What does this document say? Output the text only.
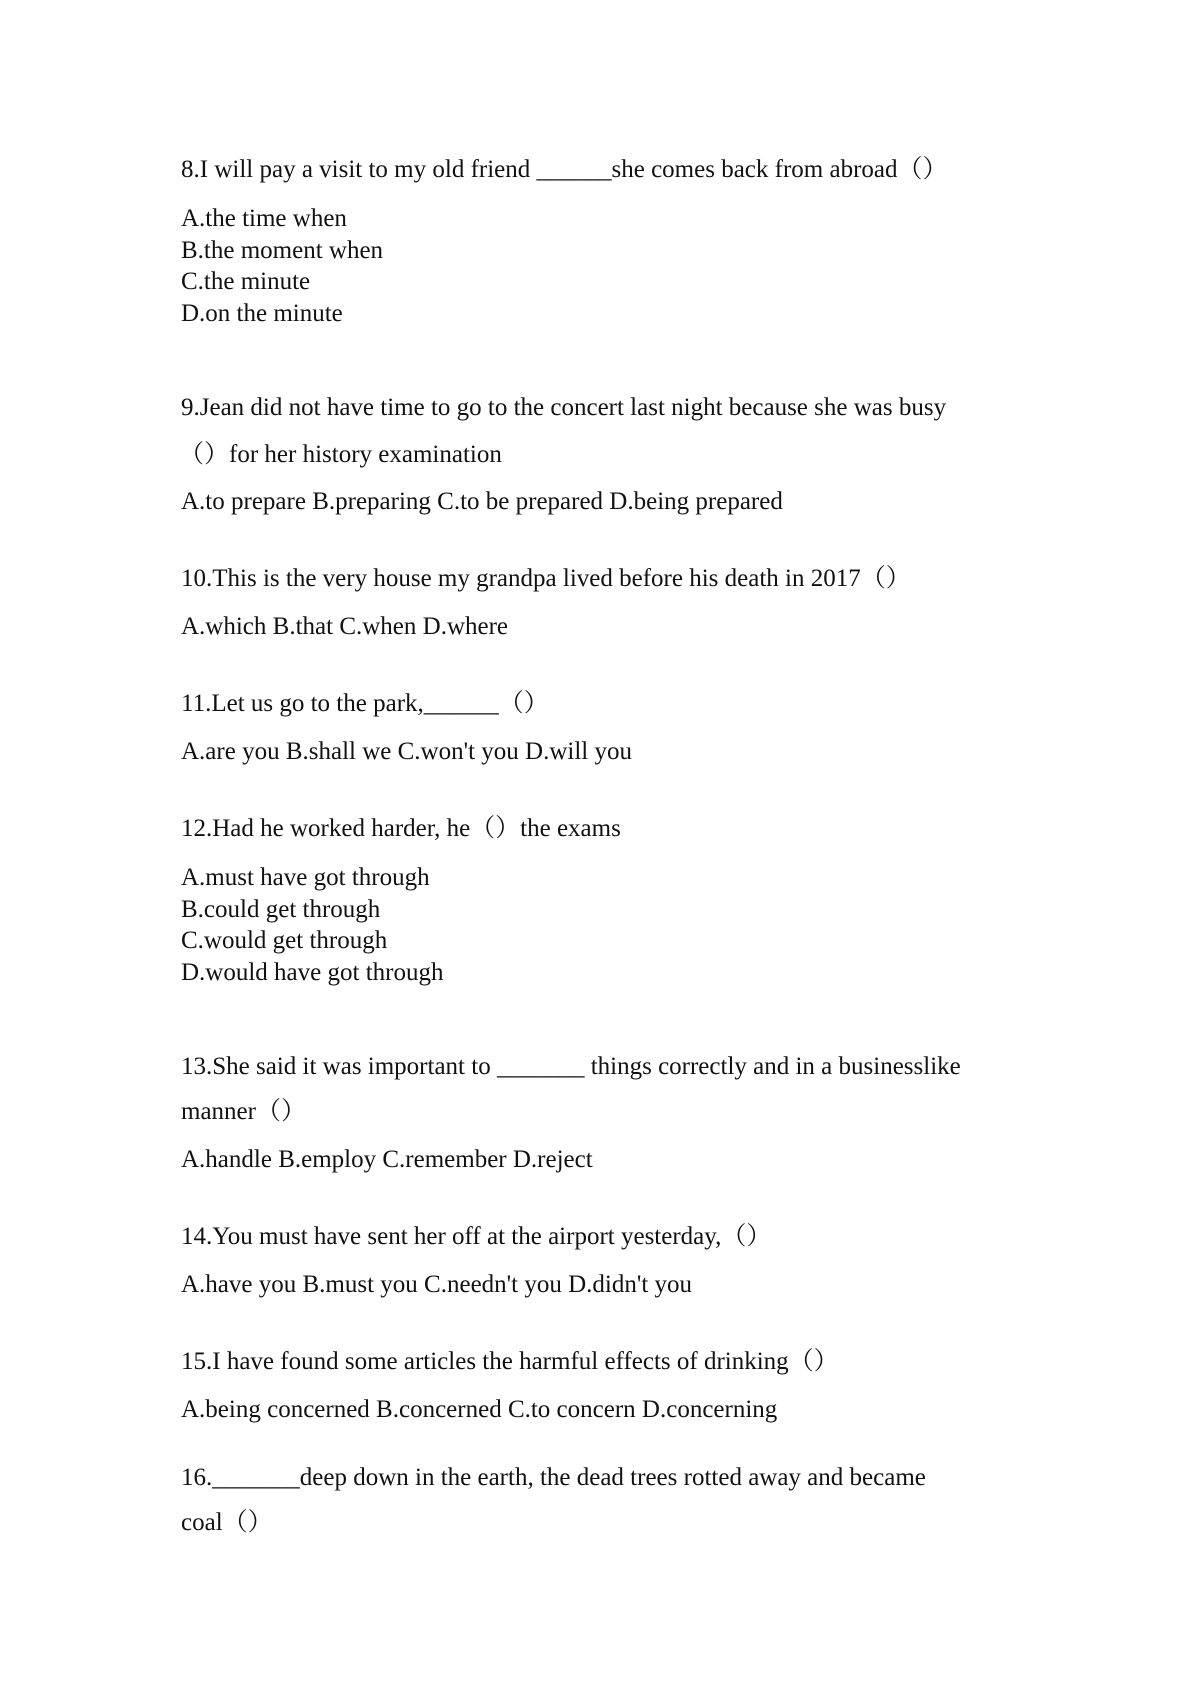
8.I will pay a visit to my old friend ______she comes back from abroad（）
A.the time when
B.the moment when
C.the minute
D.on the minute
9.Jean did not have time to go to the concert last night because she was busy
（）for her history examination
A.to prepare B.preparing C.to be prepared D.being prepared
10.This is the very house my grandpa lived before his death in 2017（）
A.which B.that C.when D.where
11.Let us go to the park,______（）
A.are you B.shall we C.won't you D.will you
12.Had he worked harder, he（）the exams
A.must have got through
B.could get through
C.would get through
D.would have got through
13.She said it was important to _______ things correctly and in a businesslike
manner（）
A.handle B.employ C.remember D.reject
14.You must have sent her off at the airport yesterday,（）
A.have you B.must you C.needn't you D.didn't you
15.I have found some articles the harmful effects of drinking（）
A.being concerned B.concerned C.to concern D.concerning
16._______deep down in the earth, the dead trees rotted away and became
coal（）
